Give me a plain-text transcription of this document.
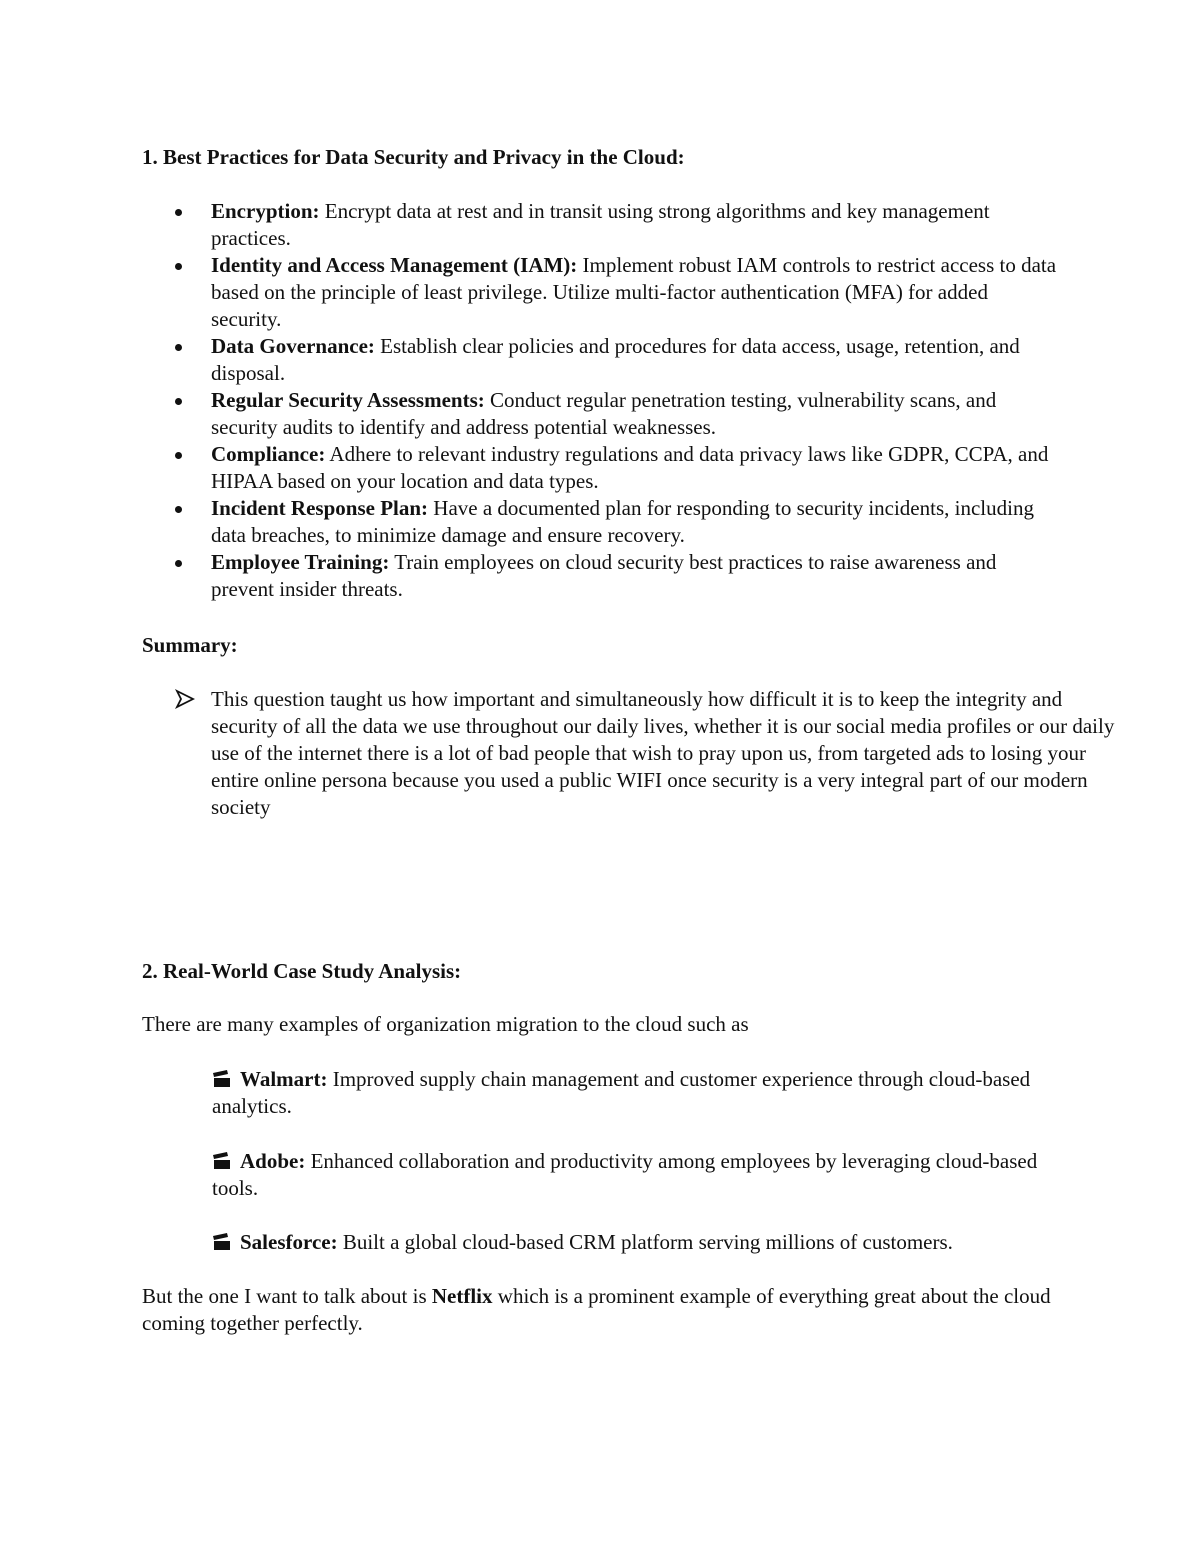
1. Best Practices for Data Security and Privacy in the Cloud:
Encryption: Encrypt data at rest and in transit using strong algorithms and key management practices.
Identity and Access Management (IAM): Implement robust IAM controls to restrict access to data based on the principle of least privilege. Utilize multi-factor authentication (MFA) for added security.
Data Governance: Establish clear policies and procedures for data access, usage, retention, and disposal.
Regular Security Assessments: Conduct regular penetration testing, vulnerability scans, and security audits to identify and address potential weaknesses.
Compliance: Adhere to relevant industry regulations and data privacy laws like GDPR, CCPA, and HIPAA based on your location and data types.
Incident Response Plan: Have a documented plan for responding to security incidents, including data breaches, to minimize damage and ensure recovery.
Employee Training: Train employees on cloud security best practices to raise awareness and prevent insider threats.
Summary:
This question taught us how important and simultaneously how difficult it is to keep the integrity and security of all the data we use throughout our daily lives, whether it is our social media profiles or our daily use of the internet there is a lot of bad people that wish to pray upon us, from targeted ads to losing your entire online persona because you used a public WIFI once security is a very integral part of our modern society
2. Real-World Case Study Analysis:
There are many examples of organization migration to the cloud such as
Walmart: Improved supply chain management and customer experience through cloud-based analytics.
Adobe: Enhanced collaboration and productivity among employees by leveraging cloud-based tools.
Salesforce: Built a global cloud-based CRM platform serving millions of customers.
But the one I want to talk about is Netflix which is a prominent example of everything great about the cloud coming together perfectly.
